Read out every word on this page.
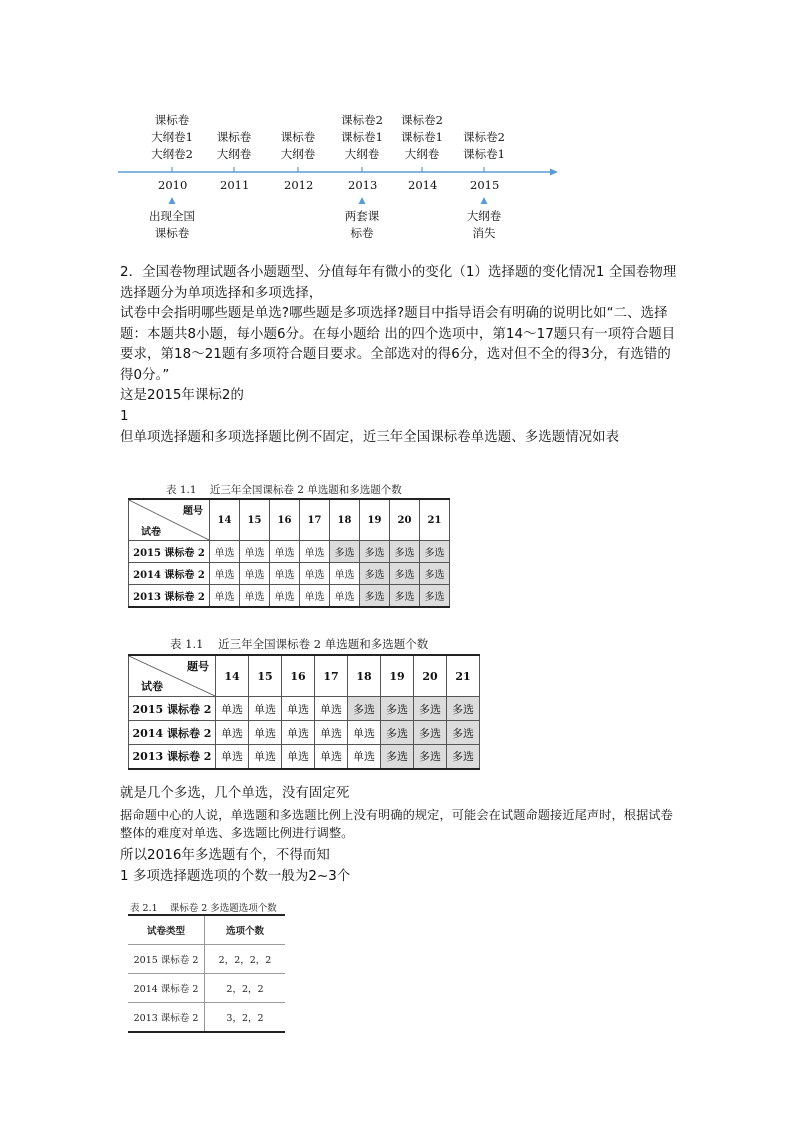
课标卷
大纲卷1
大纲卷2
课标卷
大纲卷
课标卷
大纲卷
课标卷2
课标卷1
大纲卷
课标卷2
课标卷1
大纲卷
课标卷2
课标卷1
2010	2011	2012	2013	2014	2015
出现全国
课标卷
两套课
标卷
大纲卷
消失
2．全国卷物理试题各小题题型、分值每年有微小的变化（1）选择题的变化情况1 全国卷物理选择题分为单项选择和多项选择，
试卷中会指明哪些题是单选?哪些题是多项选择?题目中指导语会有明确的说明比如“二、选择题：本题共8小题，每小题6分。在每小题给 出的四个选项中，第14～17题只有一项符合题目要求，第18～21题有多项符合题目要求。全部选对的得6分，选对但不全的得3分，有选错的得0分。”
这是2015年课标2的
1
但单项选择题和多项选择题比例不固定，近三年全国课标卷单选题、多选题情况如表
表 1.1    近三年全国课标卷 2 单选题和多选题个数
题号
试卷	14	15	16	17	18	19	20	21
2015 课标卷 2	单选	单选	单选	单选	多选	多选	多选	多选
2014 课标卷 2	单选	单选	单选	单选	单选	多选	多选	多选
2013 课标卷 2	单选	单选	单选	单选	单选	多选	多选	多选
表 1.1    近三年全国课标卷 2 单选题和多选题个数
题号
试卷	14	15	16	17	18	19	20	21
2015 课标卷 2	单选	单选	单选	单选	多选	多选	多选	多选
2014 课标卷 2	单选	单选	单选	单选	单选	多选	多选	多选
2013 课标卷 2	单选	单选	单选	单选	单选	多选	多选	多选
就是几个多选，几个单选，没有固定死
据命题中心的人说，单选题和多选题比例上没有明确的规定，可能会在试题命题接近尾声时，根据试卷整体的难度对单选、多选题比例进行调整。
所以2016年多选题有个，不得而知
1 多项选择题选项的个数一般为2~3个
表 2.1    课标卷 2 多选题选项个数
试卷类型	选项个数
2015 课标卷 2	2，2，2，2
2014 课标卷 2	2，2，2
2013 课标卷 2	3，2，2
